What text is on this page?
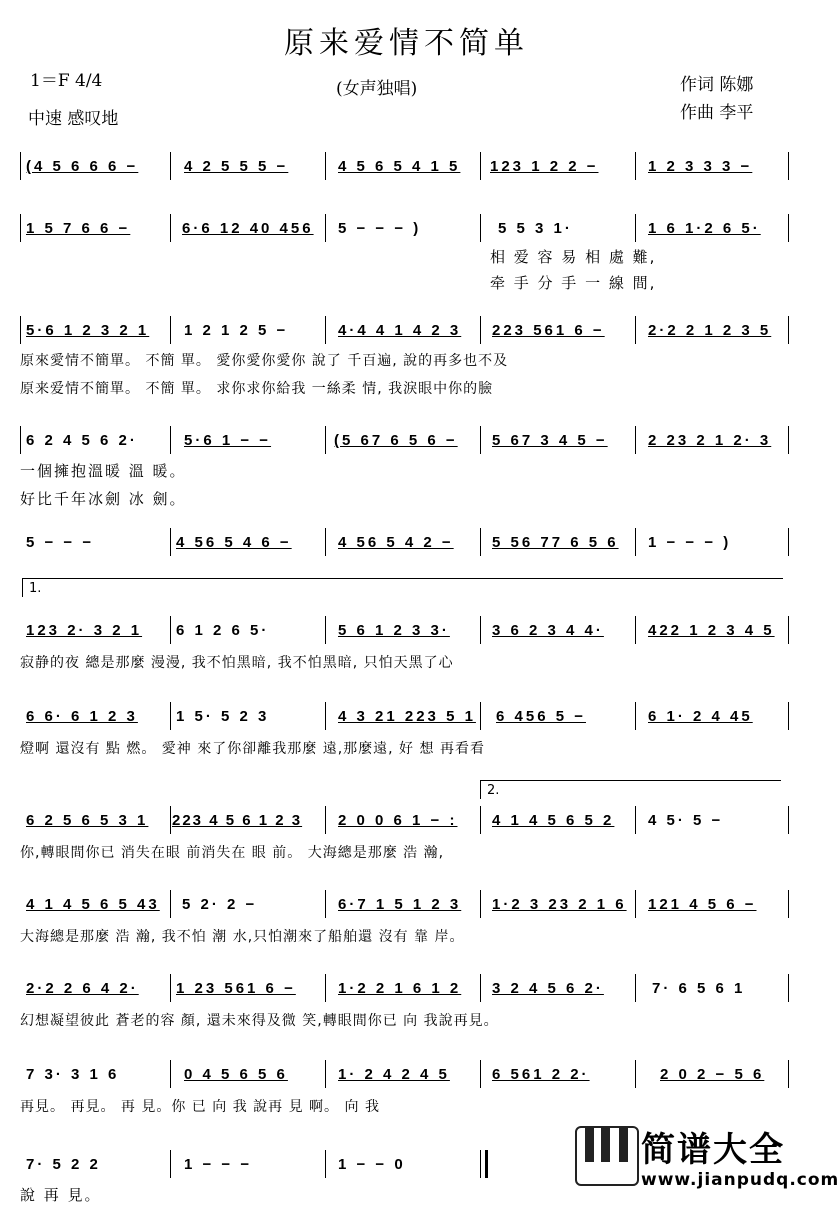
原来爱情不简单
1＝F 4/4	(女声独唱)
中速 感叹地
作词 陈娜
作曲 李平
(4 5 6 6 6 −	4 2 5 5 5 −	4 5 6 5 4 1 5 123 1 2 2 −	1 2 3 3 3 −
1 5 7 6 6 −	6·6 12 40 456 5 − − − )	5 5 3 1·	1 6 1·2 6 5·
相 爱 容 易 相 處 難,
牵 手 分 手 一 線 間,
5·6 1 2 3 2 1 1 2 1 2 5 −	4·4 4 1 4 2 3 223 561 6 −	2·2 2 1 2 3 5
原來愛情不簡單。 不簡 單。 愛你愛你愛你 說了 千百遍, 說的再多也不及
原来爱情不簡單。 不簡 單。 求你求你給我 一絲柔 情, 我淚眼中你的臉
6 2 4 5 6 2·	5·6 1 − −	(5 67 6 5 6 − 5 67 3 4 5 −	2 23 2 1 2· 3
一個擁抱溫暖 溫 暖。
好比千年冰劍 冰 劍。
5 − − −	4 56 5 4 6 −	4 56 5 4 2 −	5 56 77 6 5 6 1 − − − )
1.
123 2· 3 2 1 6 1 2 6 5·	5 6 1 2 3 3·	3 6 2 3 4 4·	422 1 2 3 4 5
寂静的夜 總是那麼 漫漫, 我不怕黑暗, 我不怕黑暗, 只怕天黑了心
6 6· 6 1 2 3	1 5· 5 2 3	4 3 21 223 5 1 6 456 5 −	6 1· 2 4 45
燈啊 還沒有 點 燃。 愛神 來了你卻離我那麼 遠,那麼遠, 好 想 再看看
2.
6 2 5 6 5 3 1 223 4 5 6 1 2 3 2 0 0 6 1 − : 4 1 4 5 6 5 2 4 5· 5 −
你,轉眼間你已 消失在眼 前消失在 眼 前。 大海總是那麼 浩 瀚,
4 1 4 5 6 5 43 5 2· 2 −	6·7 1 5 1 2 3 1·2 3 23 2 1 6 121 4 5 6 −
大海總是那麼 浩 瀚, 我不怕 潮 水,只怕潮來了船舶還 沒有 靠 岸。
2·2 2 6 4 2· 1 23 561 6 −	1·2 2 1 6 1 2 3 2 4 5 6 2·	7· 6 5 6 1
幻想凝望彼此 蒼老的容 顏, 還未來得及微 笑,轉眼間你已 向 我說再見。
7 3· 3 1 6	0 4 5 6 5 6	1· 2 4 2 4 5	6 561 2 2·	2 0 2 − 5 6
再見。 再見。 再 見。你 已 向 我 說再 見 啊。 向 我
7· 5 2 2	1 − − −	1 − − 0
說 再 見。
简谱大全
www.jianpudq.com
